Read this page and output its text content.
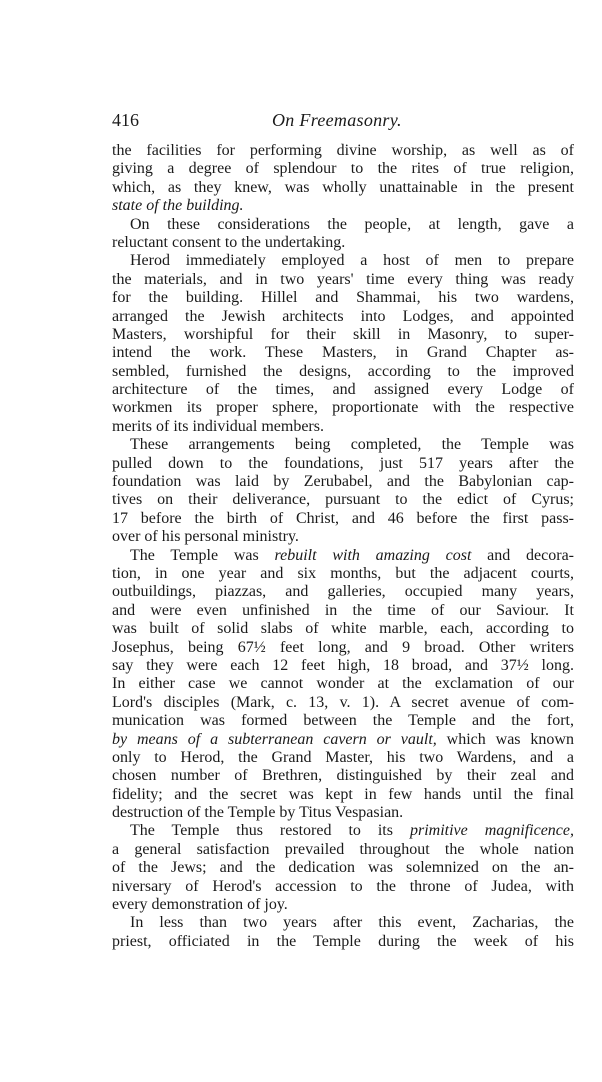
416	On Freemasonry.
the facilities for performing divine worship, as well as of
giving a degree of splendour to the rites of true religion,
which, as they knew, was wholly unattainable in the present
state of the building.
On these considerations the people, at length, gave a
reluctant consent to the undertaking.
Herod immediately employed a host of men to prepare
the materials, and in two years' time every thing was ready
for the building. Hillel and Shammai, his two wardens,
arranged the Jewish architects into Lodges, and appointed
Masters, worshipful for their skill in Masonry, to super-
intend the work. These Masters, in Grand Chapter as-
sembled, furnished the designs, according to the improved
architecture of the times, and assigned every Lodge of
workmen its proper sphere, proportionate with the respective
merits of its individual members.
These arrangements being completed, the Temple was
pulled down to the foundations, just 517 years after the
foundation was laid by Zerubabel, and the Babylonian cap-
tives on their deliverance, pursuant to the edict of Cyrus;
17 before the birth of Christ, and 46 before the first pass-
over of his personal ministry.
The Temple was rebuilt with amazing cost and decora-
tion, in one year and six months, but the adjacent courts,
outbuildings, piazzas, and galleries, occupied many years,
and were even unfinished in the time of our Saviour. It
was built of solid slabs of white marble, each, according to
Josephus, being 67½ feet long, and 9 broad. Other writers
say they were each 12 feet high, 18 broad, and 37½ long.
In either case we cannot wonder at the exclamation of our
Lord's disciples (Mark, c. 13, v. 1). A secret avenue of com-
munication was formed between the Temple and the fort,
by means of a subterranean cavern or vault, which was known
only to Herod, the Grand Master, his two Wardens, and a
chosen number of Brethren, distinguished by their zeal and
fidelity; and the secret was kept in few hands until the final
destruction of the Temple by Titus Vespasian.
The Temple thus restored to its primitive magnificence,
a general satisfaction prevailed throughout the whole nation
of the Jews; and the dedication was solemnized on the an-
niversary of Herod's accession to the throne of Judea, with
every demonstration of joy.
In less than two years after this event, Zacharias, the
priest, officiated in the Temple during the week of his
